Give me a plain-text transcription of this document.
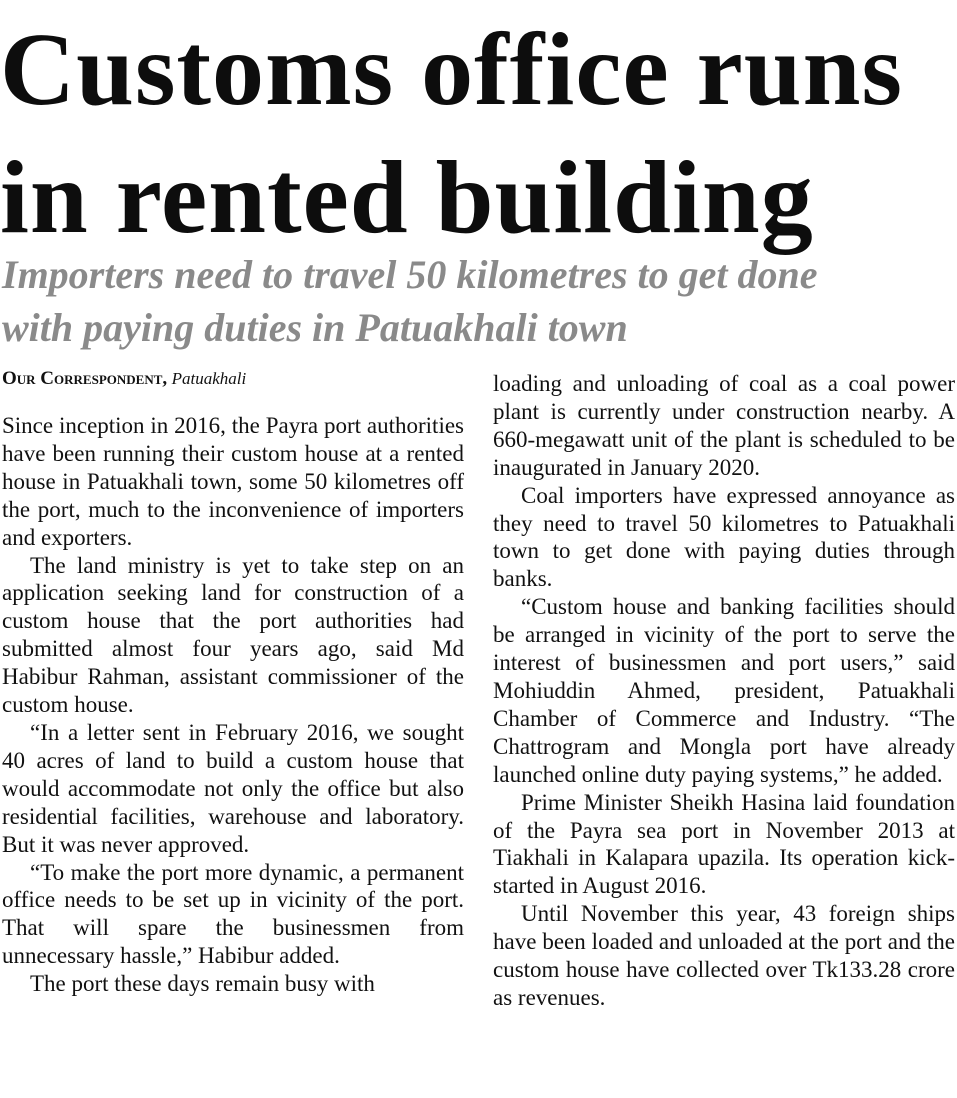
Customs office runs
in rented building
Importers need to travel 50 kilometres to get done
with paying duties in Patuakhali town
Our Correspondent, Patuakhali

Since inception in 2016, the Payra port authorities have been running their custom house at a rented house in Patuakhali town, some 50 kilometres off the port, much to the inconvenience of importers and exporters.

The land ministry is yet to take step on an application seeking land for construction of a custom house that the port authorities had submitted almost four years ago, said Md Habibur Rahman, assistant commissioner of the custom house.

“In a letter sent in February 2016, we sought 40 acres of land to build a custom house that would accommodate not only the office but also residential facilities, warehouse and laboratory. But it was never approved.

“To make the port more dynamic, a permanent office needs to be set up in vicinity of the port. That will spare the businessmen from unnecessary hassle,” Habibur added.

The port these days remain busy with

loading and unloading of coal as a coal power plant is currently under construction nearby. A 660-megawatt unit of the plant is scheduled to be inaugurated in January 2020.

Coal importers have expressed annoyance as they need to travel 50 kilometres to Patuakhali town to get done with paying duties through banks.

“Custom house and banking facilities should be arranged in vicinity of the port to serve the interest of businessmen and port users,” said Mohiuddin Ahmed, president, Patuakhali Chamber of Commerce and Industry. “The Chattrogram and Mongla port have already launched online duty paying systems,” he added.

Prime Minister Sheikh Hasina laid foundation of the Payra sea port in November 2013 at Tiakhali in Kalapara upazila. Its operation kick-started in August 2016.

Until November this year, 43 foreign ships have been loaded and unloaded at the port and the custom house have collected over Tk133.28 crore as revenues.
